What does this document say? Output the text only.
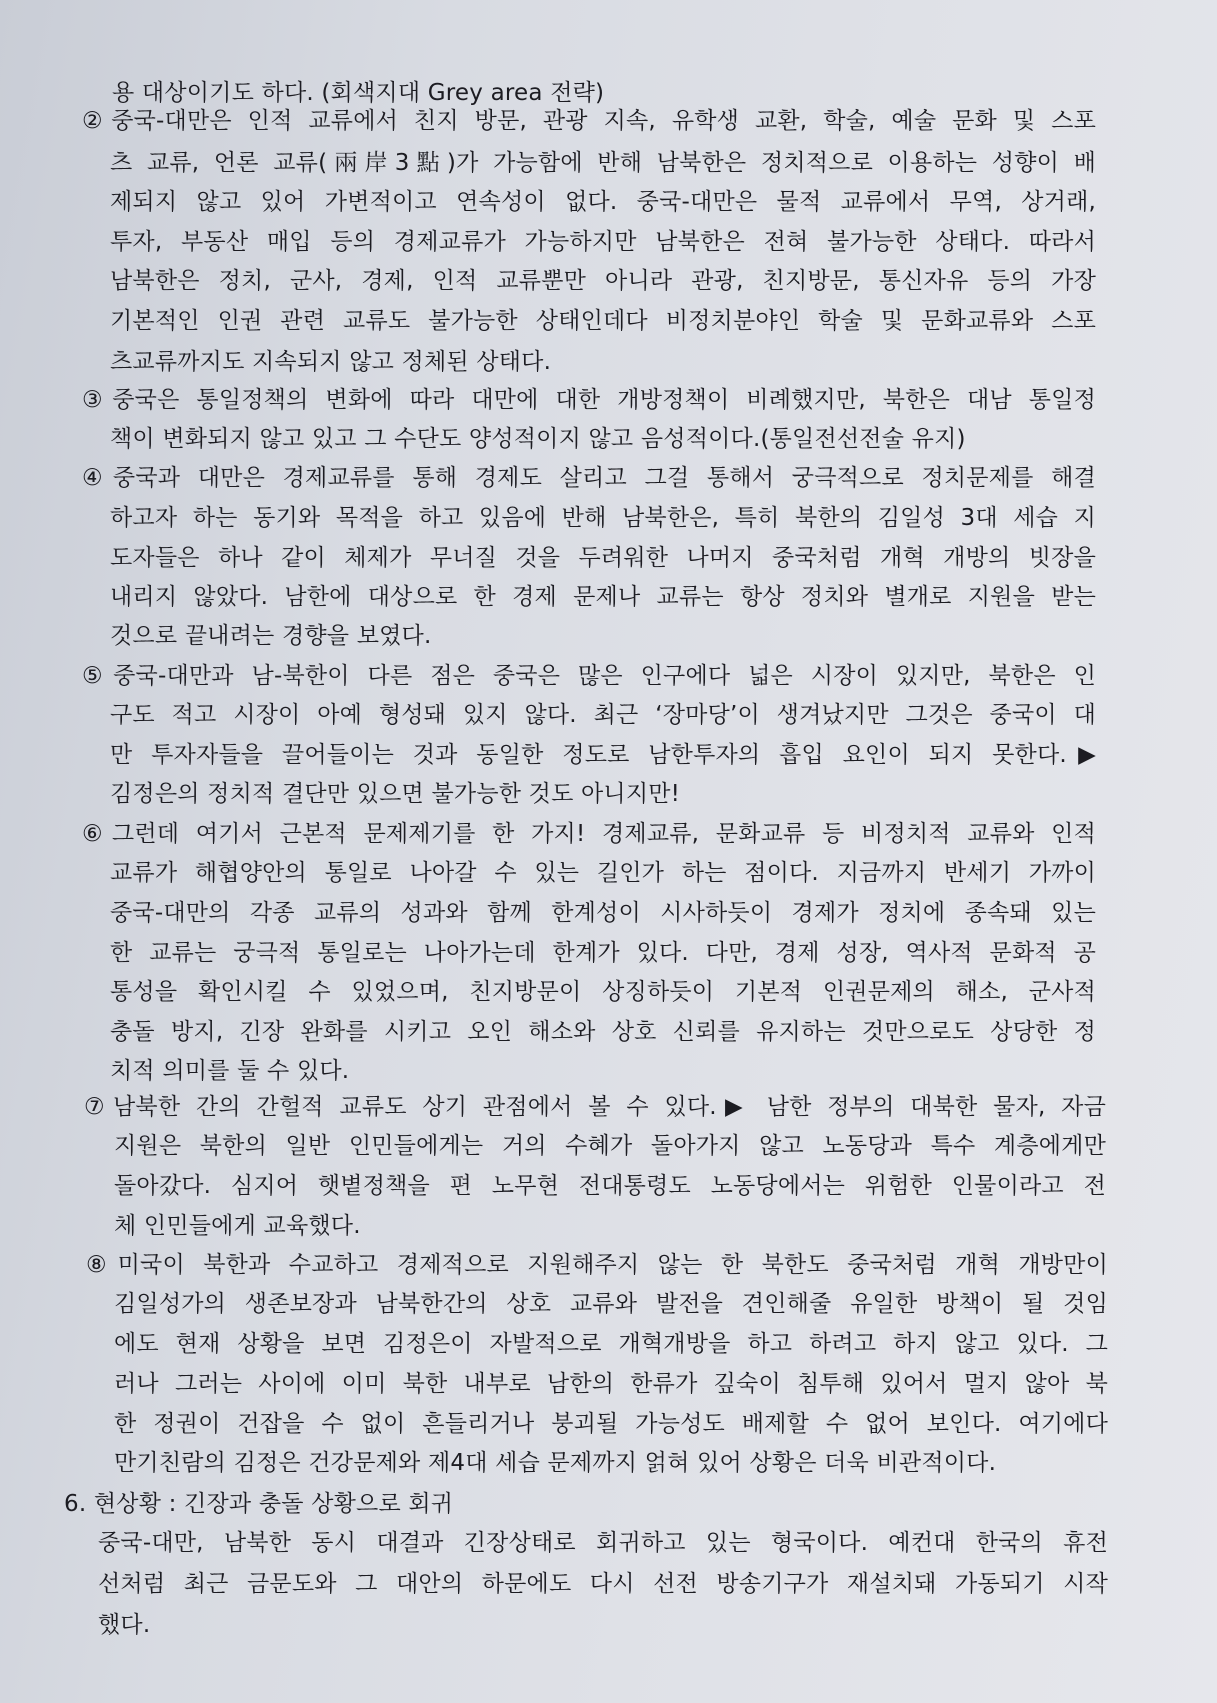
용 대상이기도 하다. (회색지대 Grey area 전략)
②중국-대만은 인적 교류에서 친지 방문, 관광 지속, 유학생 교환, 학술, 예술 문화 및 스포
츠 교류, 언론 교류(兩岸3點)가 가능함에 반해 남북한은 정치적으로 이용하는 성향이 배
제되지 않고 있어 가변적이고 연속성이 없다. 중국-대만은 물적 교류에서 무역, 상거래,
투자, 부동산 매입 등의 경제교류가 가능하지만 남북한은 전혀 불가능한 상태다. 따라서
남북한은 정치, 군사, 경제, 인적 교류뿐만 아니라 관광, 친지방문, 통신자유 등의 가장
기본적인 인권 관련 교류도 불가능한 상태인데다 비정치분야인 학술 및 문화교류와 스포
츠교류까지도 지속되지 않고 정체된 상태다.
③중국은 통일정책의 변화에 따라 대만에 대한 개방정책이 비례했지만, 북한은 대남 통일정
책이 변화되지 않고 있고 그 수단도 양성적이지 않고 음성적이다.(통일전선전술 유지)
④중국과 대만은 경제교류를 통해 경제도 살리고 그걸 통해서 궁극적으로 정치문제를 해결
하고자 하는 동기와 목적을 하고 있음에 반해 남북한은, 특히 북한의 김일성 3대 세습 지
도자들은 하나 같이 체제가 무너질 것을 두려워한 나머지 중국처럼 개혁 개방의 빗장을
내리지 않았다. 남한에 대상으로 한 경제 문제나 교류는 항상 정치와 별개로 지원을 받는
것으로 끝내려는 경향을 보였다.
⑤중국-대만과 남-북한이 다른 점은 중국은 많은 인구에다 넓은 시장이 있지만, 북한은 인
구도 적고 시장이 아예 형성돼 있지 않다. 최근 ‘장마당’이 생겨났지만 그것은 중국이 대
만 투자자들을 끌어들이는 것과 동일한 정도로 남한투자의 흡입 요인이 되지 못한다.▶
김정은의 정치적 결단만 있으면 불가능한 것도 아니지만!
⑥그런데 여기서 근본적 문제제기를 한 가지! 경제교류, 문화교류 등 비정치적 교류와 인적
교류가 해협양안의 통일로 나아갈 수 있는 길인가 하는 점이다. 지금까지 반세기 가까이
중국-대만의 각종 교류의 성과와 함께 한계성이 시사하듯이 경제가 정치에 종속돼 있는
한 교류는 궁극적 통일로는 나아가는데 한계가 있다. 다만, 경제 성장, 역사적 문화적 공
통성을 확인시킬 수 있었으며, 친지방문이 상징하듯이 기본적 인권문제의 해소, 군사적
충돌 방지, 긴장 완화를 시키고 오인 해소와 상호 신뢰를 유지하는 것만으로도 상당한 정
치적 의미를 둘 수 있다.
⑦남북한 간의 간헐적 교류도 상기 관점에서 볼 수 있다.▶ 남한 정부의 대북한 물자, 자금
지원은 북한의 일반 인민들에게는 거의 수혜가 돌아가지 않고 노동당과 특수 계층에게만
돌아갔다. 심지어 햇볕정책을 편 노무현 전대통령도 노동당에서는 위험한 인물이라고 전
체 인민들에게 교육했다.
⑧미국이 북한과 수교하고 경제적으로 지원해주지 않는 한 북한도 중국처럼 개혁 개방만이
김일성가의 생존보장과 남북한간의 상호 교류와 발전을 견인해줄 유일한 방책이 될 것임
에도 현재 상황을 보면 김정은이 자발적으로 개혁개방을 하고 하려고 하지 않고 있다. 그
러나 그러는 사이에 이미 북한 내부로 남한의 한류가 깊숙이 침투해 있어서 멀지 않아 북
한 정권이 건잡을 수 없이 흔들리거나 붕괴될 가능성도 배제할 수 없어 보인다. 여기에다
만기친람의 김정은 건강문제와 제4대 세습 문제까지 얽혀 있어 상황은 더욱 비관적이다.
6. 현상황 : 긴장과 충돌 상황으로 회귀
중국-대만, 남북한 동시 대결과 긴장상태로 회귀하고 있는 형국이다. 예컨대 한국의 휴전
선처럼 최근 금문도와 그 대안의 하문에도 다시 선전 방송기구가 재설치돼 가동되기 시작
했다.
